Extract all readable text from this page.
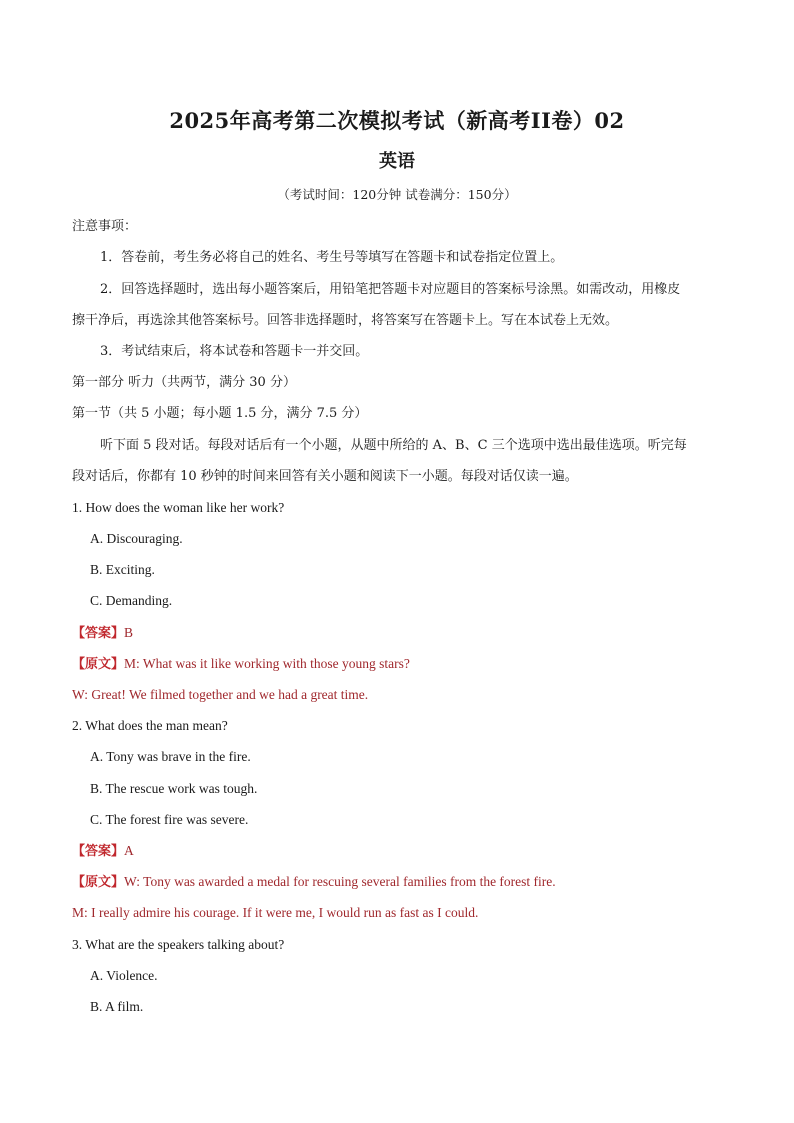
2025年高考第二次模拟考试（新高考II卷）02
英语
（考试时间：120分钟 试卷满分：150分）
注意事项：
1．答卷前，考生务必将自己的姓名、考生号等填写在答题卡和试卷指定位置上。
2．回答选择题时，选出每小题答案后，用铅笔把答题卡对应题目的答案标号涂黑。如需改动，用橡皮
擦干净后，再选涂其他答案标号。回答非选择题时，将答案写在答题卡上。写在本试卷上无效。
3．考试结束后，将本试卷和答题卡一并交回。
第一部分 听力（共两节，满分 30 分）
第一节（共 5 小题；每小题 1.5 分，满分 7.5 分）
听下面 5 段对话。每段对话后有一个小题，从题中所给的 A、B、C 三个选项中选出最佳选项。听完每
段对话后，你都有 10 秒钟的时间来回答有关小题和阅读下一小题。每段对话仅读一遍。
1. How does the woman like her work?
A. Discouraging.
B. Exciting.
C. Demanding.
【答案】B
【原文】M: What was it like working with those young stars?
W: Great! We filmed together and we had a great time.
2. What does the man mean?
A. Tony was brave in the fire.
B. The rescue work was tough.
C. The forest fire was severe.
【答案】A
【原文】W: Tony was awarded a medal for rescuing several families from the forest fire.
M: I really admire his courage. If it were me, I would run as fast as I could.
3. What are the speakers talking about?
A. Violence.
B. A film.
